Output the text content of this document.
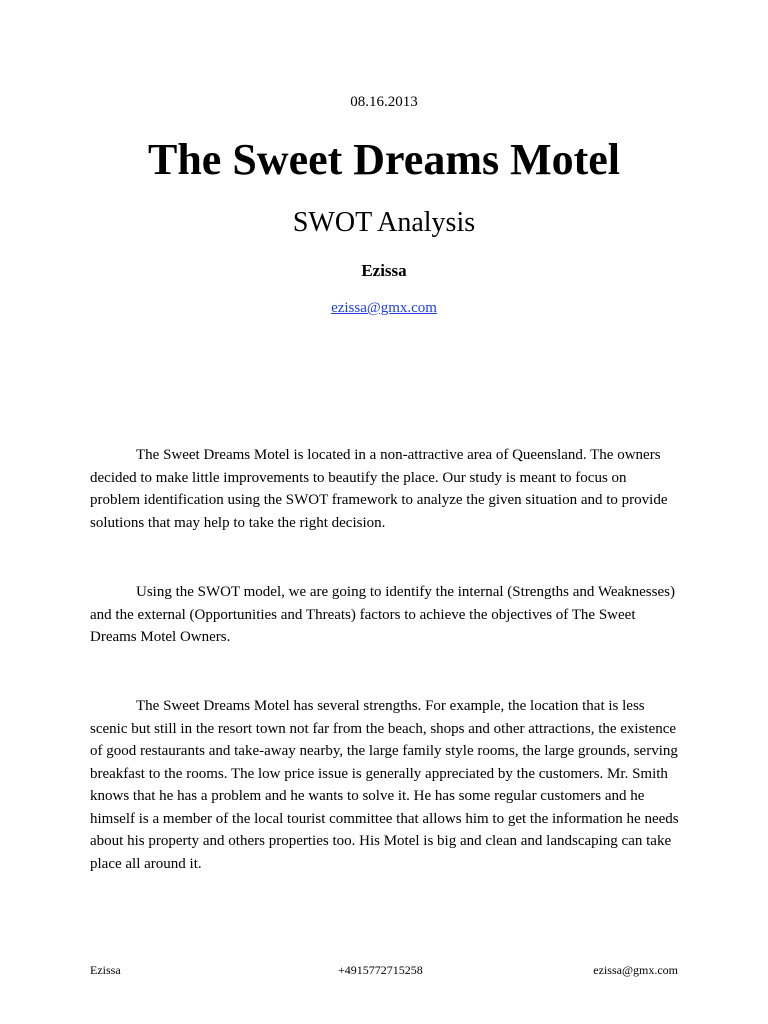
08.16.2013
The Sweet Dreams Motel
SWOT Analysis
Ezissa
ezissa@gmx.com

The Sweet Dreams Motel is located in a non-attractive area of Queensland. The owners decided to make little improvements to beautify the place. Our study is meant to focus on problem identification using the SWOT framework to analyze the given situation and to provide solutions that may help to take the right decision.

Using the SWOT model, we are going to identify the internal (Strengths and Weaknesses) and the external (Opportunities and Threats) factors to achieve the objectives of The Sweet Dreams Motel Owners.

The Sweet Dreams Motel has several strengths. For example, the location that is less scenic but still in the resort town not far from the beach, shops and other attractions, the existence of good restaurants and take-away nearby, the large family style rooms, the large grounds, serving breakfast to the rooms. The low price issue is generally appreciated by the customers. Mr. Smith knows that he has a problem and he wants to solve it. He has some regular customers and he himself is a member of the local tourist committee that allows him to get the information he needs about his property and others properties too. His Motel is big and clean and landscaping can take place all around it.

Ezissa	+4915772715258	ezissa@gmx.com
